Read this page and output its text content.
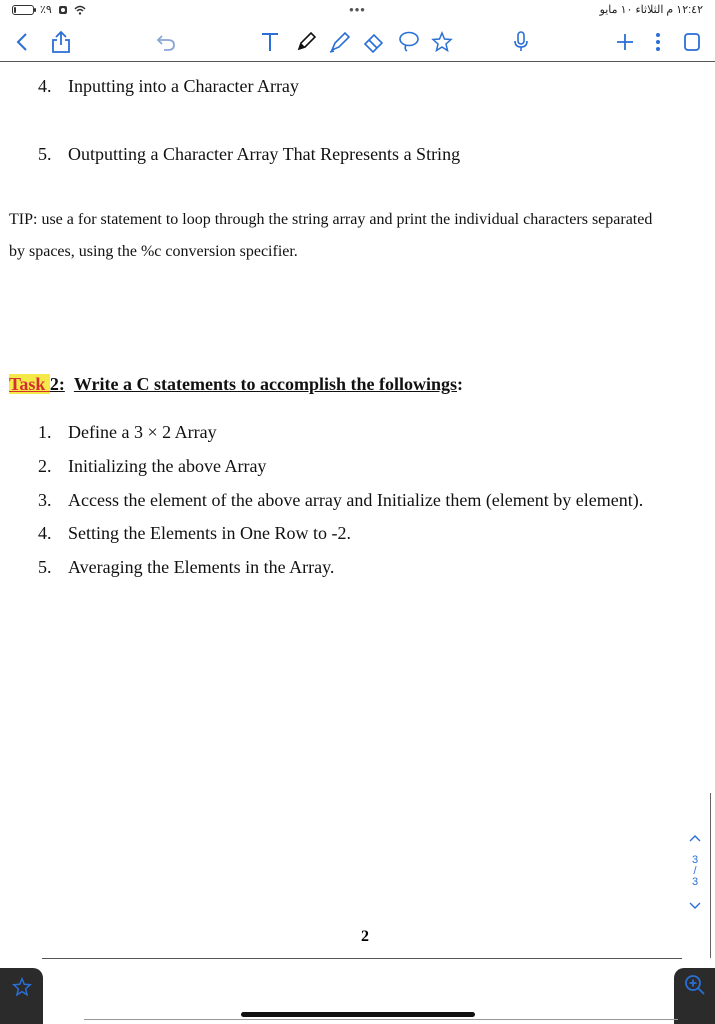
٪٩	•••	١٢:٤٢ م الثلاثاء ١٠ مايو
4. Inputting into a Character Array
5. Outputting a Character Array That Represents a String
TIP: use a for statement to loop through the string array and print the individual characters separated
by spaces, using the %c conversion specifier.
Task 2: Write a C statements to accomplish the followings:
1. Define a 3 × 2 Array
2. Initializing the above Array
3. Access the element of the above array and Initialize them (element by element).
4. Setting the Elements in One Row to -2.
5. Averaging the Elements in the Array.
2
3
/
3
